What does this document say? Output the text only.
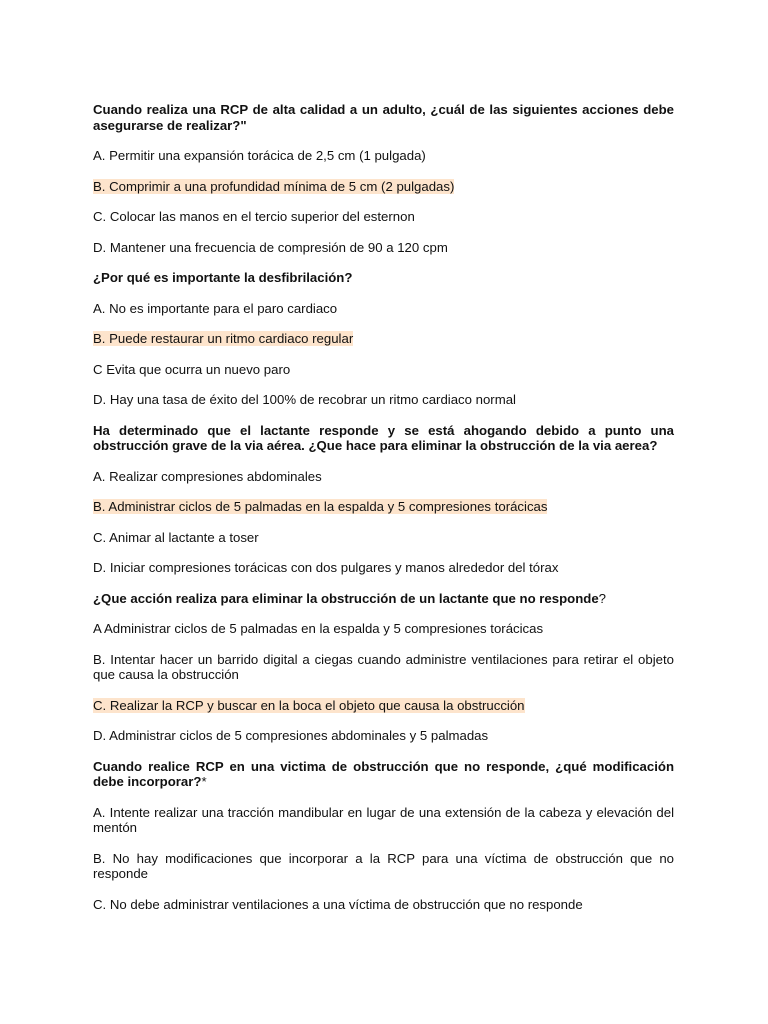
Cuando realiza una RCP de alta calidad a un adulto, ¿cuál de las siguientes acciones debe asegurarse de realizar?"

A. Permitir una expansión torácica de 2,5 cm (1 pulgada)

B. Comprimir a una profundidad mínima de 5 cm (2 pulgadas)

C. Colocar las manos en el tercio superior del esternon

D. Mantener una frecuencia de compresión de 90 a 120 cpm

¿Por qué es importante la desfibrilación?

A. No es importante para el paro cardiaco

B. Puede restaurar un ritmo cardiaco regular

C Evita que ocurra un nuevo paro

D. Hay una tasa de éxito del 100% de recobrar un ritmo cardiaco normal

Ha determinado que el lactante responde y se está ahogando debido a punto una obstrucción grave de la via aérea. ¿Que hace para eliminar la obstrucción de la via aerea?

A. Realizar compresiones abdominales

B. Administrar ciclos de 5 palmadas en la espalda y 5 compresiones torácicas

C. Animar al lactante a toser

D. Iniciar compresiones torácicas con dos pulgares y manos alrededor del tórax

¿Que acción realiza para eliminar la obstrucción de un lactante que no responde?

A Administrar ciclos de 5 palmadas en la espalda y 5 compresiones torácicas

B. Intentar hacer un barrido digital a ciegas cuando administre ventilaciones para retirar el objeto que causa la obstrucción

C. Realizar la RCP y buscar en la boca el objeto que causa la obstrucción

D. Administrar ciclos de 5 compresiones abdominales y 5 palmadas

Cuando realice RCP en una victima de obstrucción que no responde, ¿qué modificación debe incorporar?*

A. Intente realizar una tracción mandibular en lugar de una extensión de la cabeza y elevación del mentón

B. No hay modificaciones que incorporar a la RCP para una víctima de obstrucción que no responde

C. No debe administrar ventilaciones a una víctima de obstrucción que no responde
